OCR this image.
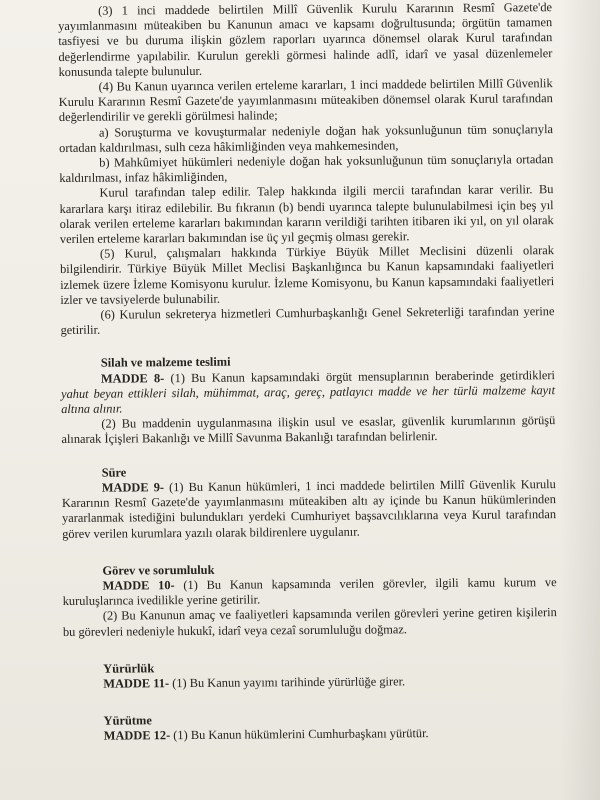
(3) 1 inci maddede belirtilen Millî Güvenlik Kurulu Kararının Resmî Gazete'de yayımlanmasını müteakiben bu Kanunun amacı ve kapsamı doğrultusunda; örgütün tamamen tasfiyesi ve bu duruma ilişkin gözlem raporları uyarınca dönemsel olarak Kurul tarafından değerlendirme yapılabilir. Kurulun gerekli görmesi halinde adlî, idarî ve yasal düzenlemeler konusunda talepte bulunulur.

(4) Bu Kanun uyarınca verilen erteleme kararları, 1 inci maddede belirtilen Millî Güvenlik Kurulu Kararının Resmî Gazete'de yayımlanmasını müteakiben dönemsel olarak Kurul tarafından değerlendirilir ve gerekli görülmesi halinde;

a) Soruşturma ve kovuşturmalar nedeniyle doğan hak yoksunluğunun tüm sonuçlarıyla ortadan kaldırılması, sulh ceza hâkimliğinden veya mahkemesinden,

b) Mahkûmiyet hükümleri nedeniyle doğan hak yoksunluğunun tüm sonuçlarıyla ortadan kaldırılması, infaz hâkimliğinden,

Kurul tarafından talep edilir. Talep hakkında ilgili mercii tarafından karar verilir. Bu kararlara karşı itiraz edilebilir. Bu fıkranın (b) bendi uyarınca talepte bulunulabilmesi için beş yıl olarak verilen erteleme kararları bakımından kararın verildiği tarihten itibaren iki yıl, on yıl olarak verilen erteleme kararları bakımından ise üç yıl geçmiş olması gerekir.

(5) Kurul, çalışmaları hakkında Türkiye Büyük Millet Meclisini düzenli olarak bilgilendirir. Türkiye Büyük Millet Meclisi Başkanlığınca bu Kanun kapsamındaki faaliyetleri izlemek üzere İzleme Komisyonu kurulur. İzleme Komisyonu, bu Kanun kapsamındaki faaliyetleri izler ve tavsiyelerde bulunabilir.

(6) Kurulun sekreterya hizmetleri Cumhurbaşkanlığı Genel Sekreterliği tarafından yerine getirilir.

Silah ve malzeme teslimi

MADDE 8- (1) Bu Kanun kapsamındaki örgüt mensuplarının beraberinde getirdikleri yahut beyan ettikleri silah, mühimmat, araç, gereç, patlayıcı madde ve her türlü malzeme kayıt altına alınır.

(2) Bu maddenin uygulanmasına ilişkin usul ve esaslar, güvenlik kurumlarının görüşü alınarak İçişleri Bakanlığı ve Millî Savunma Bakanlığı tarafından belirlenir.

Süre

MADDE 9- (1) Bu Kanun hükümleri, 1 inci maddede belirtilen Millî Güvenlik Kurulu Kararının Resmî Gazete'de yayımlanmasını müteakiben altı ay içinde bu Kanun hükümlerinden yararlanmak istediğini bulundukları yerdeki Cumhuriyet başsavcılıklarına veya Kurul tarafından görev verilen kurumlara yazılı olarak bildirenlere uygulanır.

Görev ve sorumluluk

MADDE 10- (1) Bu Kanun kapsamında verilen görevler, ilgili kamu kurum ve kuruluşlarınca ivedilikle yerine getirilir.

(2) Bu Kanunun amaç ve faaliyetleri kapsamında verilen görevleri yerine getiren kişilerin bu görevleri nedeniyle hukukî, idarî veya cezaî sorumluluğu doğmaz.

Yürürlük

MADDE 11- (1) Bu Kanun yayımı tarihinde yürürlüğe girer.

Yürütme

MADDE 12- (1) Bu Kanun hükümlerini Cumhurbaşkanı yürütür.
